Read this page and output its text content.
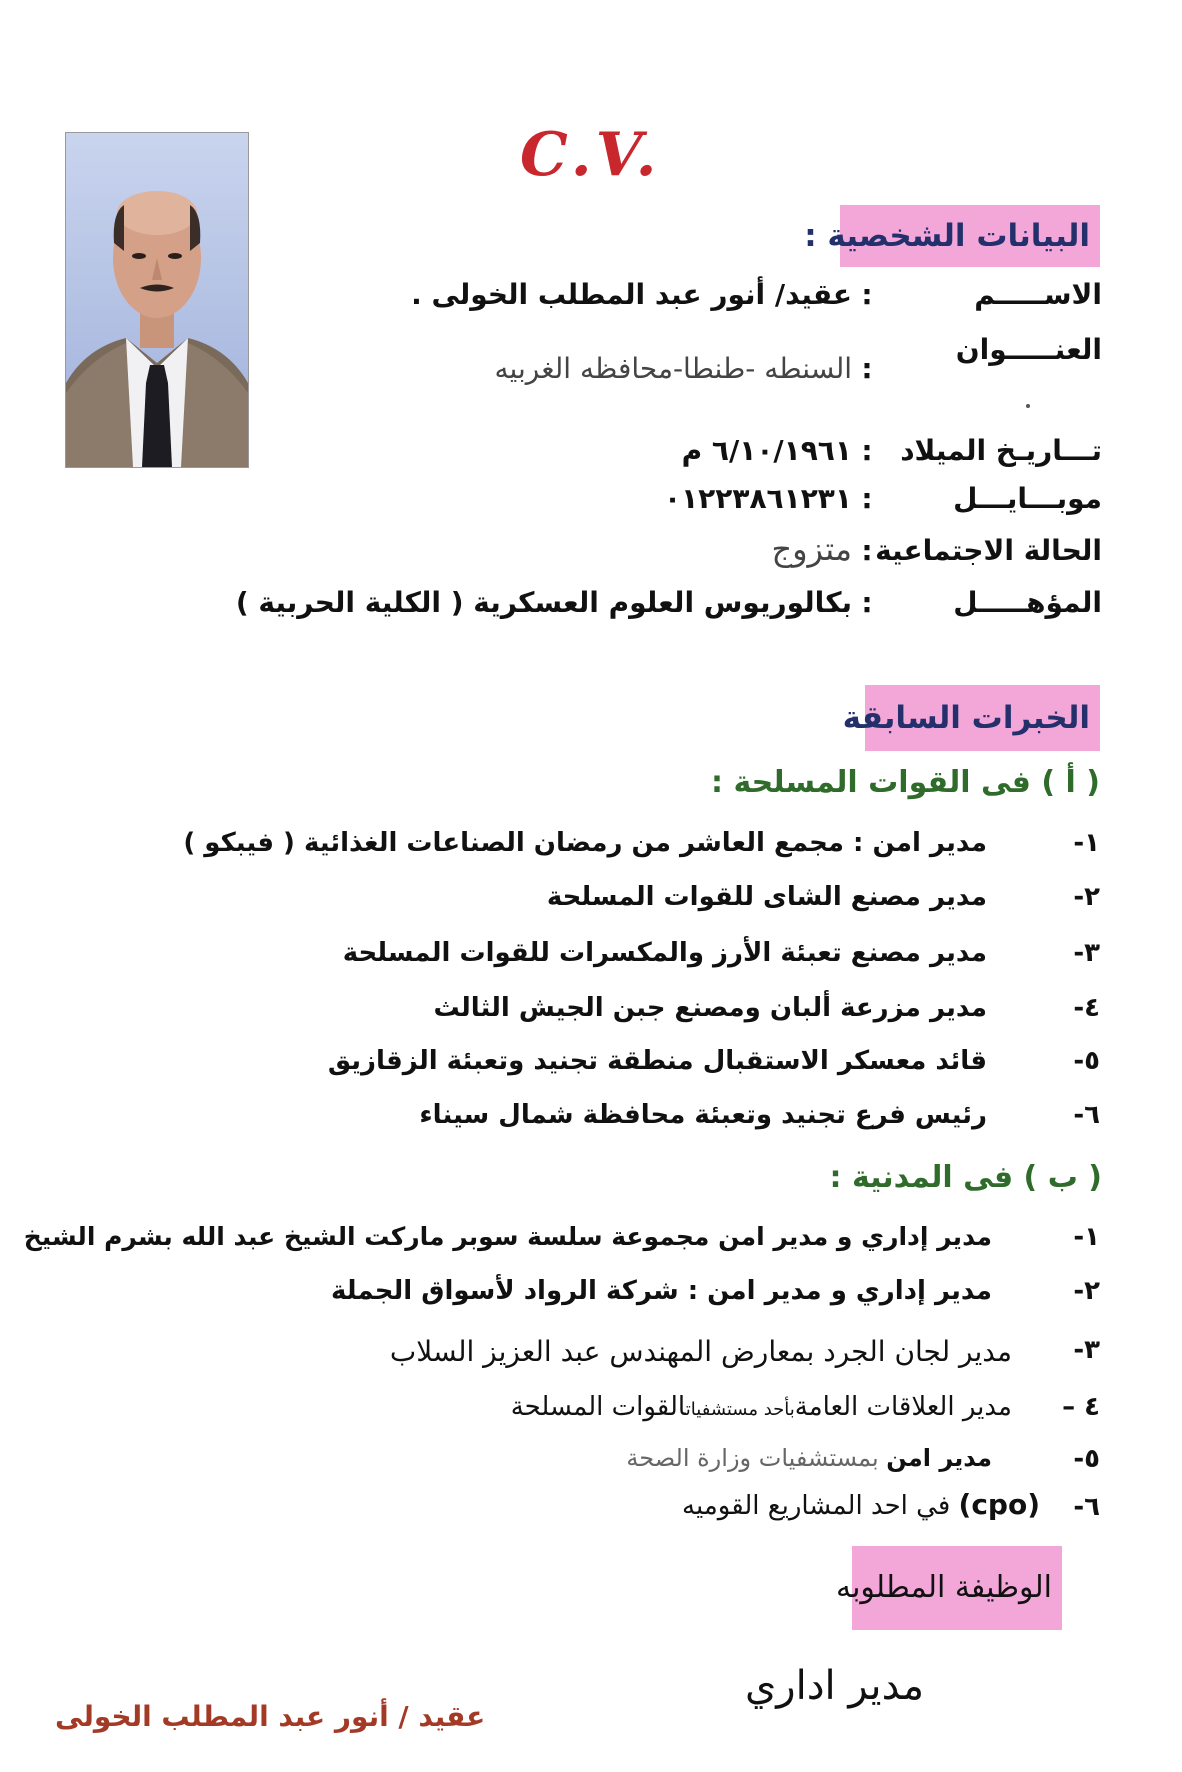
C.V.
البيانات الشخصية :
الاســـــم
:
عقيد/ أنور عبد المطلب الخولى .
العنـــــوان
:
السنطه -طنطا-محافظه الغربيه
تـــاريـخ الميلاد
:
٦/١٠/١٩٦١ م
موبـــايـــل
:
٠١٢٢٣٨٦١٢٣١
الحالة الاجتماعية
:
متزوج
المؤهـــــل
:
بكالوريوس العلوم العسكرية ( الكلية الحربية )
الخبرات السابقة
( أ ) فى القوات المسلحة :
١-
مدير امن : مجمع العاشر من رمضان الصناعات الغذائية ( فيبكو )
٢-
مدير مصنع الشاى للقوات المسلحة
٣-
مدير مصنع تعبئة الأرز والمكسرات للقوات المسلحة
٤-
مدير مزرعة ألبان ومصنع جبن الجيش الثالث
٥-
قائد معسكر الاستقبال منطقة تجنيد وتعبئة الزقازيق
٦-
رئيس فرع تجنيد وتعبئة محافظة شمال سيناء
( ب ) فى المدنية :
١-
مدير إداري و مدير امن مجموعة سلسة سوبر ماركت الشيخ عبد الله بشرم الشيخ
٢-
مدير إداري و مدير امن : شركة الرواد لأسواق الجملة
٣-
مدير لجان الجرد بمعارض المهندس عبد العزيز السلاب
٤ –
مدير العلاقات العامةبأحد مستشفياتالقوات المسلحة
٥-
مدير امن بمستشفيات وزارة الصحة
٦-
(cpo) في احد المشاريع القوميه
الوظيفة المطلوبه
مدير اداري
عقيد / أنور عبد المطلب الخولى
